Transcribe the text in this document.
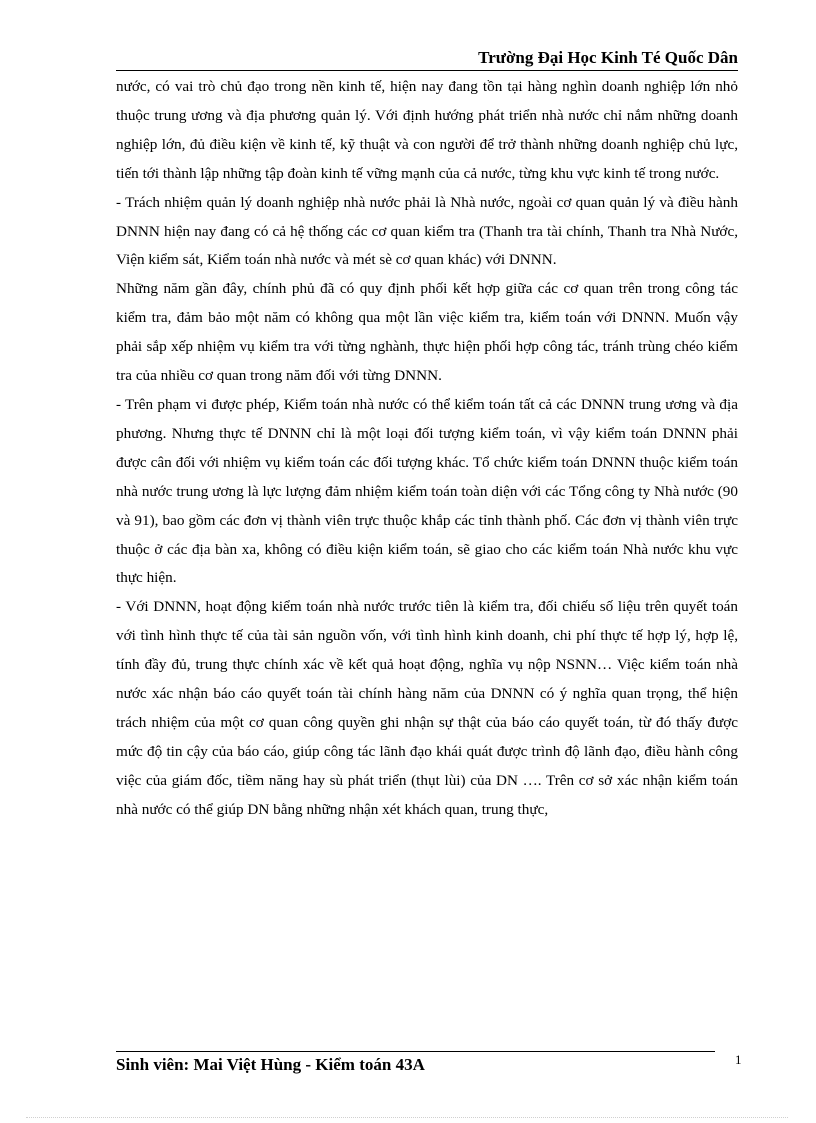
Trường Đại Học Kinh Té Quốc Dân

nước, có vai trò chủ đạo trong nền kinh tế, hiện nay đang tồn tại hàng nghìn doanh nghiệp lớn nhỏ thuộc trung ương và địa phương quản lý. Với định hướng phát triển nhà nước chỉ nắm những doanh nghiệp lớn, đủ điều kiện về kinh tế, kỹ thuật và con người để trở thành những doanh nghiệp chủ lực, tiến tới thành lập những tập đoàn kinh tế vững mạnh của cả nước, từng khu vực kinh tế trong nước.

- Trách nhiệm quản lý doanh nghiệp nhà nước phải là Nhà nước, ngoài cơ quan quản lý và điều hành DNNN hiện nay đang có cả hệ thống các cơ quan kiểm tra (Thanh tra tài chính, Thanh tra Nhà Nước, Viện kiểm sát, Kiểm toán nhà nước và mét sè cơ quan khác) với DNNN.

Những năm gần đây, chính phủ đã có quy định phối kết hợp giữa các cơ quan trên trong công tác kiểm tra, đảm bảo một năm có không qua một lần việc kiểm tra, kiểm toán với DNNN. Muốn vậy phải sắp xếp nhiệm vụ kiểm tra với từng nghành, thực hiện phối hợp công tác, tránh trùng chéo kiểm tra của nhiều cơ quan trong năm đối với từng DNNN.

- Trên phạm vi được phép, Kiểm toán nhà nước có thể kiểm toán tất cả các DNNN trung ương và địa phương. Nhưng thực tế DNNN chỉ là một loại đối tượng kiểm toán, vì vậy kiểm toán DNNN phải được cân đối với nhiệm vụ kiểm toán các đối tượng khác. Tổ chức kiểm toán DNNN thuộc kiểm toán nhà nước trung ương là lực lượng đảm nhiệm kiểm toán toàn diện với các Tổng công ty Nhà nước (90 và 91), bao gồm các đơn vị thành viên trực thuộc khắp các tỉnh thành phố. Các đơn vị thành viên trực thuộc ở các địa bàn xa, không có điều kiện kiểm toán, sẽ giao cho các kiểm toán Nhà nước khu vực thực hiện.

- Với DNNN, hoạt động kiểm toán nhà nước trước tiên là kiểm tra, đối chiếu số liệu trên quyết toán với tình hình thực tế của tài sản nguồn vốn, với tình hình kinh doanh, chi phí thực tế hợp lý, hợp lệ, tính đầy đủ, trung thực chính xác về kết quả hoạt động, nghĩa vụ nộp NSNN… Việc kiểm toán nhà nước xác nhận báo cáo quyết toán tài chính hàng năm của DNNN có ý nghĩa quan trọng, thể hiện trách nhiệm của một cơ quan công quyền ghi nhận sự thật của báo cáo quyết toán, từ đó thấy được mức độ tin cậy của báo cáo, giúp công tác lãnh đạo khái quát được trình độ lãnh đạo, điều hành công việc của giám đốc, tiềm năng hay sù phát triển (thụt lùi) của DN …. Trên cơ sở xác nhận kiểm toán nhà nước có thể giúp DN bằng những nhận xét khách quan, trung thực,

Sinh viên: Mai Việt Hùng - Kiểm toán 43A	1
